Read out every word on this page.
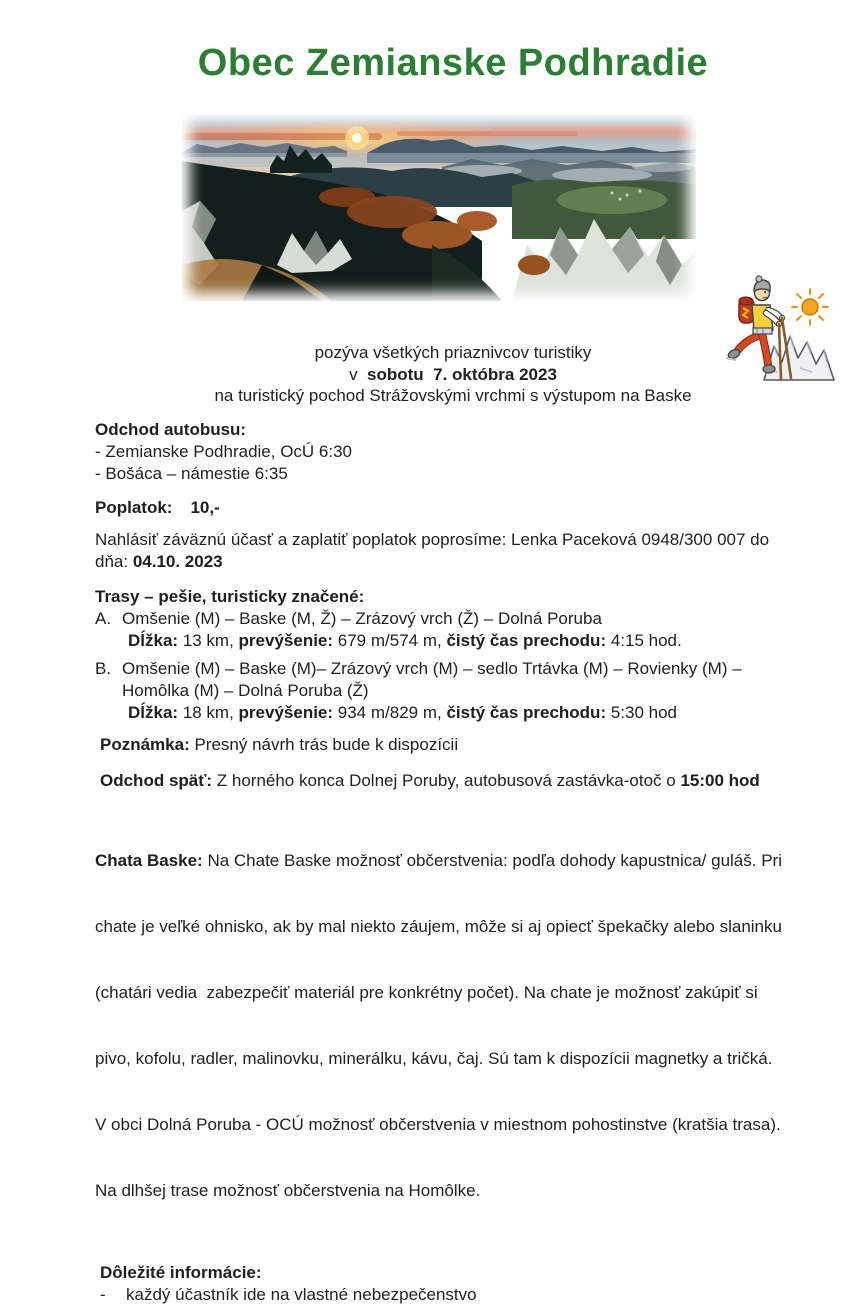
Obec Zemianske Podhradie
pozýva všetkých priaznivcov turistiky
v  sobotu  7. októbra 2023
na turistický pochod Strážovskými vrchmi s výstupom na Baske
Odchod autobusu:
- Zemianske Podhradie, OcÚ 6:30
- Bošáca – námestie 6:35
Poplatok: 10,-
Nahlásiť záväznú účasť a zaplatiť poplatok poprosíme: Lenka Paceková 0948/300 007 do
dňa: 04.10. 2023
Trasy – pešie, turisticky značené:
A. Omšenie (M) – Baske (M, Ž) – Zrázový vrch (Ž) – Dolná Poruba
Dĺžka: 13 km, prevýšenie: 679 m/574 m, čistý čas prechodu: 4:15 hod.
B. Omšenie (M) – Baske (M)– Zrázový vrch (M) – sedlo Trtávka (M) – Rovienky (M) –
Homôlka (M) – Dolná Poruba (Ž)
Dĺžka: 18 km, prevýšenie: 934 m/829 m, čistý čas prechodu: 5:30 hod
Poznámka: Presný návrh trás bude k dispozícii
Odchod späť: Z horného konca Dolnej Poruby, autobusová zastávka-otoč o 15:00 hod

Chata Baske: Na Chate Baske možnosť občerstvenia: podľa dohody kapustnica/ guláš. Pri

chate je veľké ohnisko, ak by mal niekto záujem, môže si aj opiecť špekačky alebo slaninku

(chatári vedia  zabezpečiť materiál pre konkrétny počet). Na chate je možnosť zakúpiť si

pivo, kofolu, radler, malinovku, minerálku, kávu, čaj. Sú tam k dispozícii magnetky a tričká.

V obci Dolná Poruba - OCÚ možnosť občerstvenia v miestnom pohostinstve (kratšia trasa).

Na dlhšej trase možnosť občerstvenia na Homôlke.

Dôležité informácie:
-	každý účastník ide na vlastné nebezpečenstvo
